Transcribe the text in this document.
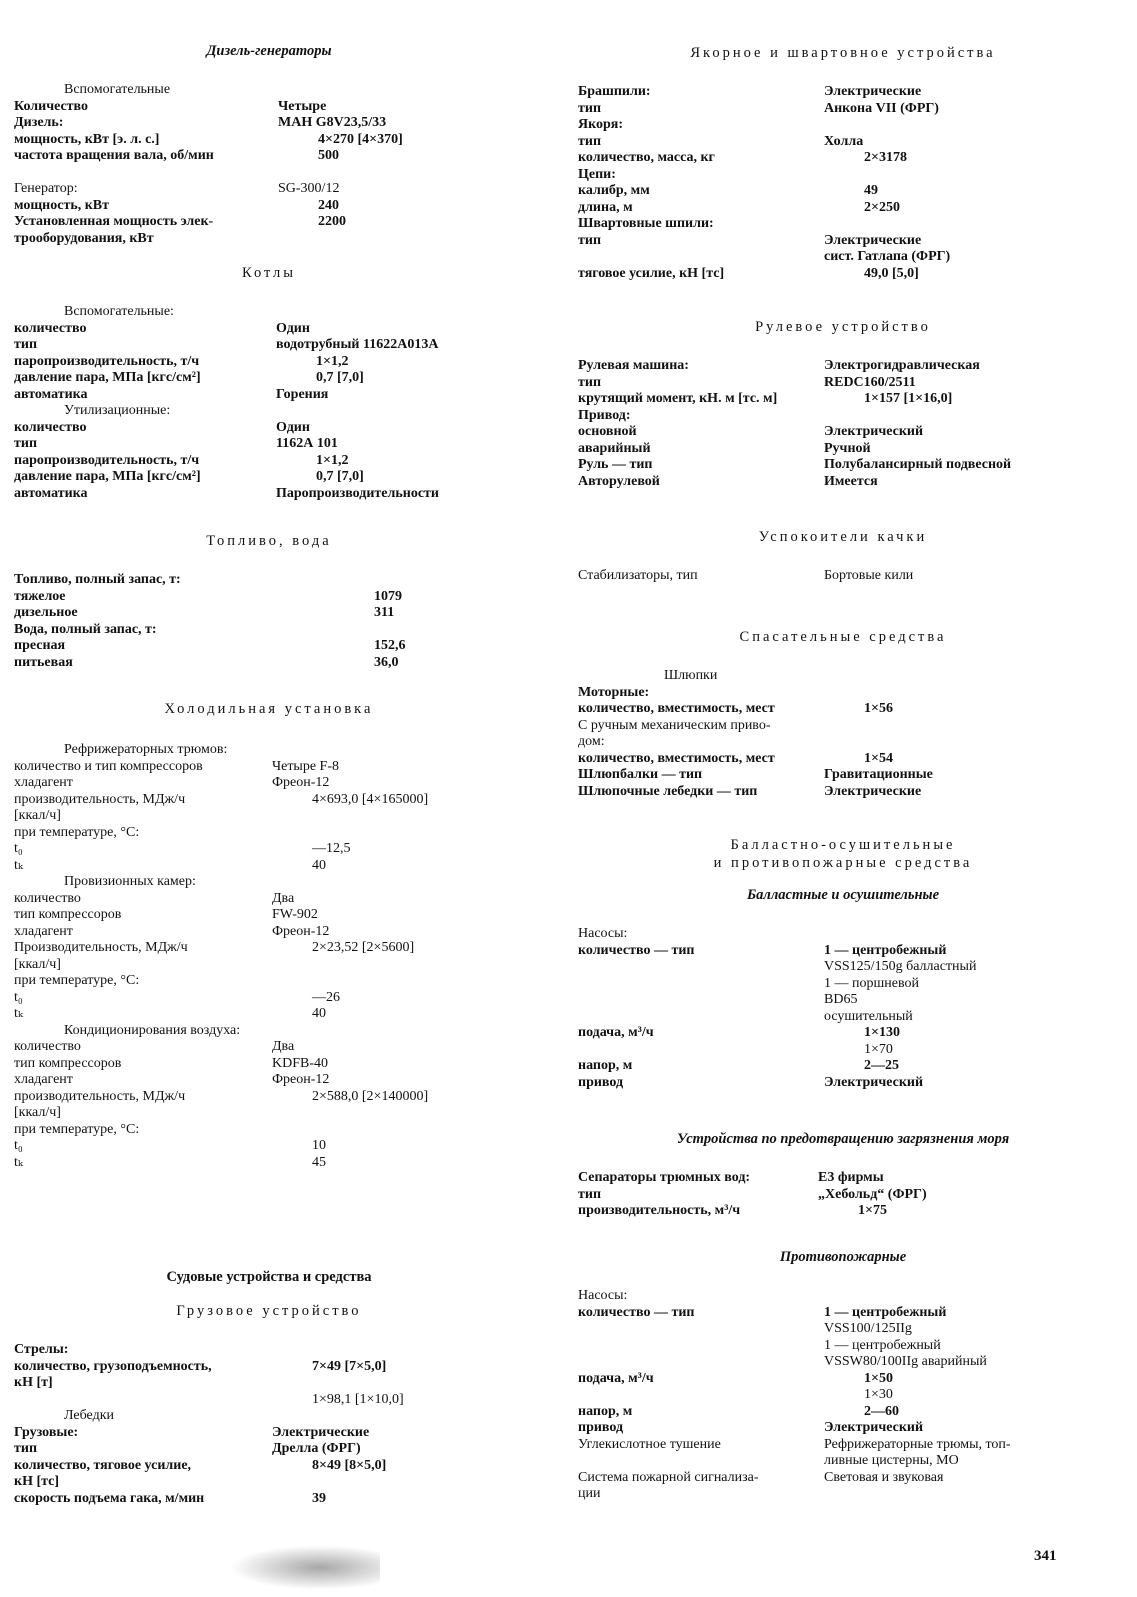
Дизель-генераторы
Вспомогательные
Количество	Четыре
Дизель:	МАН G8V23,5/33
мощность, кВт [э. л. с.]	4×270 [4×370]
частота вращения вала, об/мин	500
Генератор:	SG-300/12
мощность, кВт	240
Установленная мощность элек-	2200
трооборудования, кВт
Котлы
Вспомогательные:
количество	Один
тип	водотрубный 11622А013А
паропроизводительность, т/ч	1×1,2
давление пара, МПа [кгс/см²]	0,7 [7,0]
автоматика	Горения
Утилизационные:
количество	Один
тип	1162А 101
паропроизводительность, т/ч	1×1,2
давление пара, МПа [кгс/см²]	0,7 [7,0]
автоматика	Паропроизводительности
Топливо, вода
Топливо, полный запас, т:
тяжелое	1079
дизельное	311
Вода, полный запас, т:
пресная	152,6
питьевая	36,0
Холодильная установка
Рефрижераторных трюмов:
количество и тип компрессоров	Четыре F-8
хладагент	Фреон-12
производительность, МДж/ч	4×693,0 [4×165000]
[ккал/ч]
при температуре, °С:
t₀	—12,5
tₖ	40
Провизионных камер:
количество	Два
тип компрессоров	FW-902
хладагент	Фреон-12
Производительность, МДж/ч	2×23,52 [2×5600]
[ккал/ч]
при температуре, °С:
t₀	—26
tₖ	40
Кондиционирования воздуха:
количество	Два
тип компрессоров	KDFB-40
хладагент	Фреон-12
производительность, МДж/ч	2×588,0 [2×140000]
[ккал/ч]
при температуре, °С:
t₀	10
tₖ	45
Судовые устройства и средства
Грузовое устройство
Стрелы:
количество, грузоподъемность,	7×49 [7×5,0]
кН [т]
1×98,1 [1×10,0]
Лебедки
Грузовые:	Электрические
тип	Дрелла (ФРГ)
количество, тяговое усилие,	8×49 [8×5,0]
кН [тс]
скорость подъема гака, м/мин	39
Якорное и швартовное устройства
Брашпили:	Электрические
тип	Анкона VII (ФРГ)
Якоря:
тип	Холла
количество, масса, кг	2×3178
Цепи:
калибр, мм	49
длина, м	2×250
Швартовные шпили:
тип	Электрические
сист. Гатлапа (ФРГ)
тяговое усилие, кН [тс]	49,0 [5,0]
Рулевое устройство
Рулевая машина:	Электрогидравлическая
тип	REDC160/2511
крутящий момент, кН. м [тс. м]	1×157 [1×16,0]
Привод:
основной	Электрический
аварийный	Ручной
Руль — тип	Полубалансирный подвесной
Авторулевой	Имеется
Успокоители качки
Стабилизаторы, тип	Бортовые кили
Спасательные средства
Шлюпки
Моторные:
количество, вместимость, мест	1×56
С ручным механическим приво-
дом:
количество, вместимость, мест	1×54
Шлюпбалки — тип	Гравитационные
Шлюпочные лебедки — тип	Электрические
Балластно-осушительные
и противопожарные средства
Балластные и осушительные
Насосы:
количество — тип	1 — центробежный
VSS125/150g балластный
1 — поршневой
BD65
осушительный
подача, м³/ч	1×130
1×70
напор, м	2—25
привод	Электрический
Устройства по предотвращению загрязнения моря
Сепараторы трюмных вод:	Е3 фирмы
тип	„Хебольд“ (ФРГ)
производительность, м³/ч	1×75
Противопожарные
Насосы:
количество — тип	1 — центробежный
VSS100/125IIg
1 — центробежный
VSSW80/100IIg аварийный
подача, м³/ч	1×50
1×30
напор, м	2—60
привод	Электрический
Углекислотное тушение	Рефрижераторные трюмы, топ-
ливные цистерны, МО
Система пожарной сигнализа-	Световая и звуковая
ции
341
